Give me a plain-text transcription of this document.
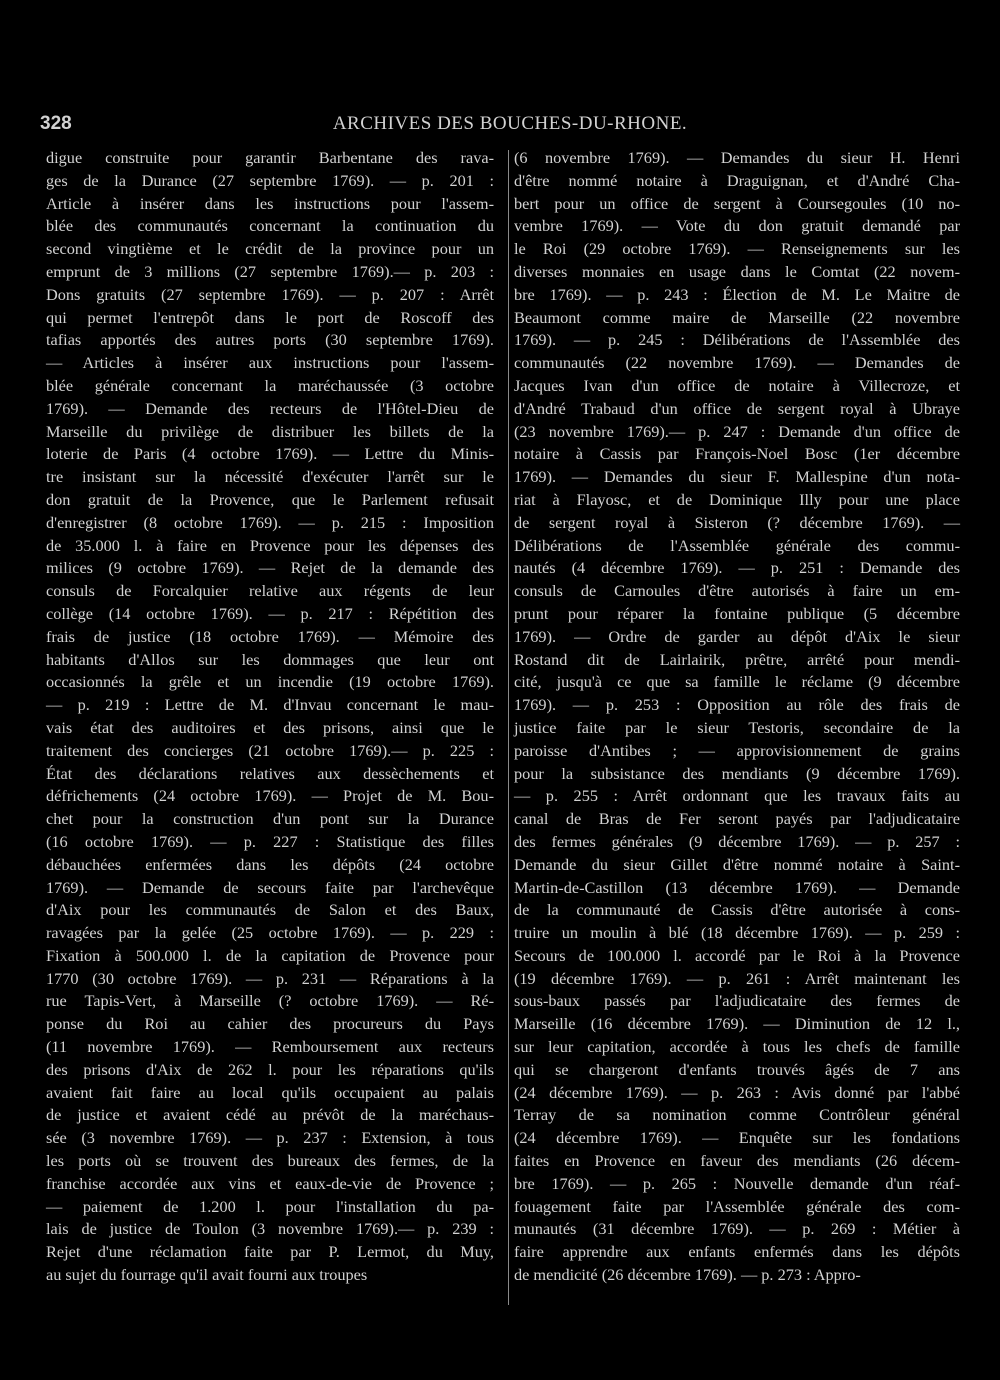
328	ARCHIVES DES BOUCHES-DU-RHONE.
digue construite pour garantir Barbentane des rava-
ges de la Durance (27 septembre 1769). — p. 201 :
Article à insérer dans les instructions pour l'assem-
blée des communautés concernant la continuation du
second vingtième et le crédit de la province pour un
emprunt de 3 millions (27 septembre 1769).— p. 203 :
Dons gratuits (27 septembre 1769). — p. 207 : Arrêt
qui permet l'entrepôt dans le port de Roscoff des
tafias apportés des autres ports (30 septembre 1769).
— Articles à insérer aux instructions pour l'assem-
blée générale concernant la maréchaussée (3 octobre
1769). — Demande des recteurs de l'Hôtel-Dieu de
Marseille du privilège de distribuer les billets de la
loterie de Paris (4 octobre 1769). — Lettre du Minis-
tre insistant sur la nécessité d'exécuter l'arrêt sur le
don gratuit de la Provence, que le Parlement refusait
d'enregistrer (8 octobre 1769). — p. 215 : Imposition
de 35.000 l. à faire en Provence pour les dépenses des
milices (9 octobre 1769). — Rejet de la demande des
consuls de Forcalquier relative aux régents de leur
collège (14 octobre 1769). — p. 217 : Répétition des
frais de justice (18 octobre 1769). — Mémoire des
habitants d'Allos sur les dommages que leur ont
occasionnés la grêle et un incendie (19 octobre 1769).
— p. 219 : Lettre de M. d'Invau concernant le mau-
vais état des auditoires et des prisons, ainsi que le
traitement des concierges (21 octobre 1769).— p. 225 :
État des déclarations relatives aux dessèchements et
défrichements (24 octobre 1769). — Projet de M. Bou-
chet pour la construction d'un pont sur la Durance
(16 octobre 1769). — p. 227 : Statistique des filles
débauchées enfermées dans les dépôts (24 octobre
1769). — Demande de secours faite par l'archevêque
d'Aix pour les communautés de Salon et des Baux,
ravagées par la gelée (25 octobre 1769). — p. 229 :
Fixation à 500.000 l. de la capitation de Provence pour
1770 (30 octobre 1769). — p. 231 — Réparations à la
rue Tapis-Vert, à Marseille (? octobre 1769). — Ré-
ponse du Roi au cahier des procureurs du Pays
(11 novembre 1769). — Remboursement aux recteurs
des prisons d'Aix de 262 l. pour les réparations qu'ils
avaient fait faire au local qu'ils occupaient au palais
de justice et avaient cédé au prévôt de la maréchaus-
sée (3 novembre 1769). — p. 237 : Extension, à tous
les ports où se trouvent des bureaux des fermes, de la
franchise accordée aux vins et eaux-de-vie de Provence ;
— paiement de 1.200 l. pour l'installation du pa-
lais de justice de Toulon (3 novembre 1769).— p. 239 :
Rejet d'une réclamation faite par P. Lermot, du Muy,
au sujet du fourrage qu'il avait fourni aux troupes
(6 novembre 1769). — Demandes du sieur H. Henri
d'être nommé notaire à Draguignan, et d'André Cha-
bert pour un office de sergent à Coursegoules (10 no-
vembre 1769). — Vote du don gratuit demandé par
le Roi (29 octobre 1769). — Renseignements sur les
diverses monnaies en usage dans le Comtat (22 novem-
bre 1769). — p. 243 : Élection de M. Le Maitre de
Beaumont comme maire de Marseille (22 novembre
1769). — p. 245 : Délibérations de l'Assemblée des
communautés (22 novembre 1769). — Demandes de
Jacques Ivan d'un office de notaire à Villecroze, et
d'André Trabaud d'un office de sergent royal à Ubraye
(23 novembre 1769).— p. 247 : Demande d'un office de
notaire à Cassis par François-Noel Bosc (1er décembre
1769). — Demandes du sieur F. Mallespine d'un nota-
riat à Flayosc, et de Dominique Illy pour une place
de sergent royal à Sisteron (? décembre 1769). —
Délibérations de l'Assemblée générale des commu-
nautés (4 décembre 1769). — p. 251 : Demande des
consuls de Carnoules d'être autorisés à faire un em-
prunt pour réparer la fontaine publique (5 décembre
1769). — Ordre de garder au dépôt d'Aix le sieur
Rostand dit de Lairlairik, prêtre, arrêté pour mendi-
cité, jusqu'à ce que sa famille le réclame (9 décembre
1769). — p. 253 : Opposition au rôle des frais de
justice faite par le sieur Testoris, secondaire de la
paroisse d'Antibes ; — approvisionnement de grains
pour la subsistance des mendiants (9 décembre 1769).
— p. 255 : Arrêt ordonnant que les travaux faits au
canal de Bras de Fer seront payés par l'adjudicataire
des fermes générales (9 décembre 1769). — p. 257 :
Demande du sieur Gillet d'être nommé notaire à Saint-
Martin-de-Castillon (13 décembre 1769). — Demande
de la communauté de Cassis d'être autorisée à cons-
truire un moulin à blé (18 décembre 1769). — p. 259 :
Secours de 100.000 l. accordé par le Roi à la Provence
(19 décembre 1769). — p. 261 : Arrêt maintenant les
sous-baux passés par l'adjudicataire des fermes de
Marseille (16 décembre 1769). — Diminution de 12 l.,
sur leur capitation, accordée à tous les chefs de famille
qui se chargeront d'enfants trouvés âgés de 7 ans
(24 décembre 1769). — p. 263 : Avis donné par l'abbé
Terray de sa nomination comme Contrôleur général
(24 décembre 1769). — Enquête sur les fondations
faites en Provence en faveur des mendiants (26 décem-
bre 1769). — p. 265 : Nouvelle demande d'un réaf-
fouagement faite par l'Assemblée générale des com-
munautés (31 décembre 1769). — p. 269 : Métier à
faire apprendre aux enfants enfermés dans les dépôts
de mendicité (26 décembre 1769). — p. 273 : Appro-
